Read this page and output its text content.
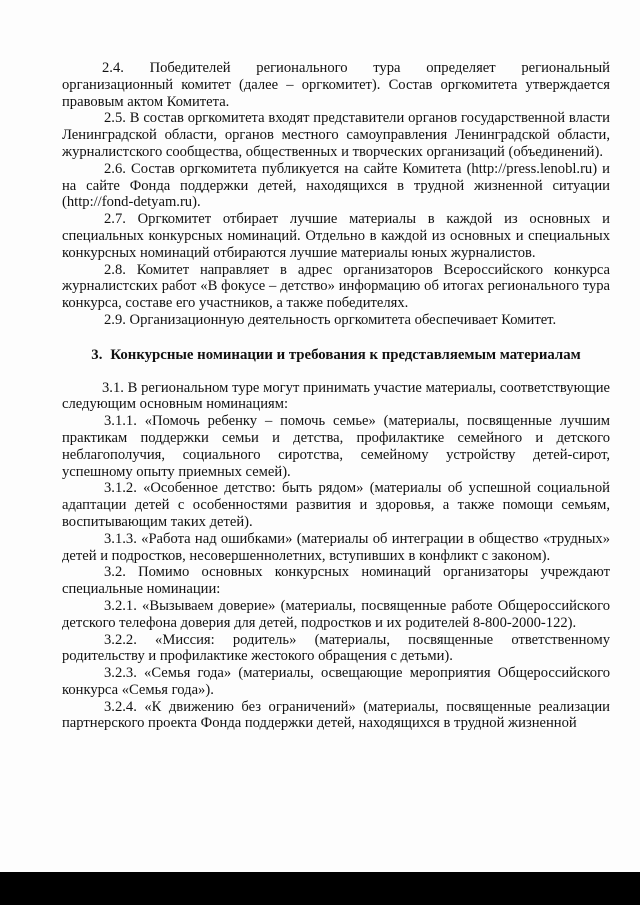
2.4. Победителей регионального тура определяет региональный организационный комитет (далее – оргкомитет). Состав оргкомитета утверждается правовым актом Комитета.

2.5. В состав оргкомитета входят представители органов государственной власти Ленинградской области, органов местного самоуправления Ленинградской области, журналистского сообщества, общественных и творческих организаций (объединений).

2.6. Состав оргкомитета публикуется на сайте Комитета (http://press.lenobl.ru) и на сайте Фонда поддержки детей, находящихся в трудной жизненной ситуации (http://fond-detyam.ru).

2.7. Оргкомитет отбирает лучшие материалы в каждой из основных и специальных конкурсных номинаций. Отдельно в каждой из основных и специальных конкурсных номинаций отбираются лучшие материалы юных журналистов.

2.8. Комитет направляет в адрес организаторов Всероссийского конкурса журналистских работ «В фокусе – детство» информацию об итогах регионального тура конкурса, составе его участников, а также победителях.

2.9. Организационную деятельность оргкомитета обеспечивает Комитет.

3. Конкурсные номинации и требования к представляемым материалам

3.1. В региональном туре могут принимать участие материалы, соответствующие следующим основным номинациям:

3.1.1. «Помочь ребенку – помочь семье» (материалы, посвященные лучшим практикам поддержки семьи и детства, профилактике семейного и детского неблагополучия, социального сиротства, семейному устройству детей-сирот, успешному опыту приемных семей).

3.1.2. «Особенное детство: быть рядом» (материалы об успешной социальной адаптации детей с особенностями развития и здоровья, а также помощи семьям, воспитывающим таких детей).

3.1.3. «Работа над ошибками» (материалы об интеграции в общество «трудных» детей и подростков, несовершеннолетних, вступивших в конфликт с законом).

3.2. Помимо основных конкурсных номинаций организаторы учреждают специальные номинации:

3.2.1. «Вызываем доверие» (материалы, посвященные работе Общероссийского детского телефона доверия для детей, подростков и их родителей 8-800-2000-122).

3.2.2. «Миссия: родитель» (материалы, посвященные ответственному родительству и профилактике жестокого обращения с детьми).

3.2.3. «Семья года» (материалы, освещающие мероприятия Общероссийского конкурса «Семья года»).

3.2.4. «К движению без ограничений» (материалы, посвященные реализации партнерского проекта Фонда поддержки детей, находящихся в трудной жизненной
